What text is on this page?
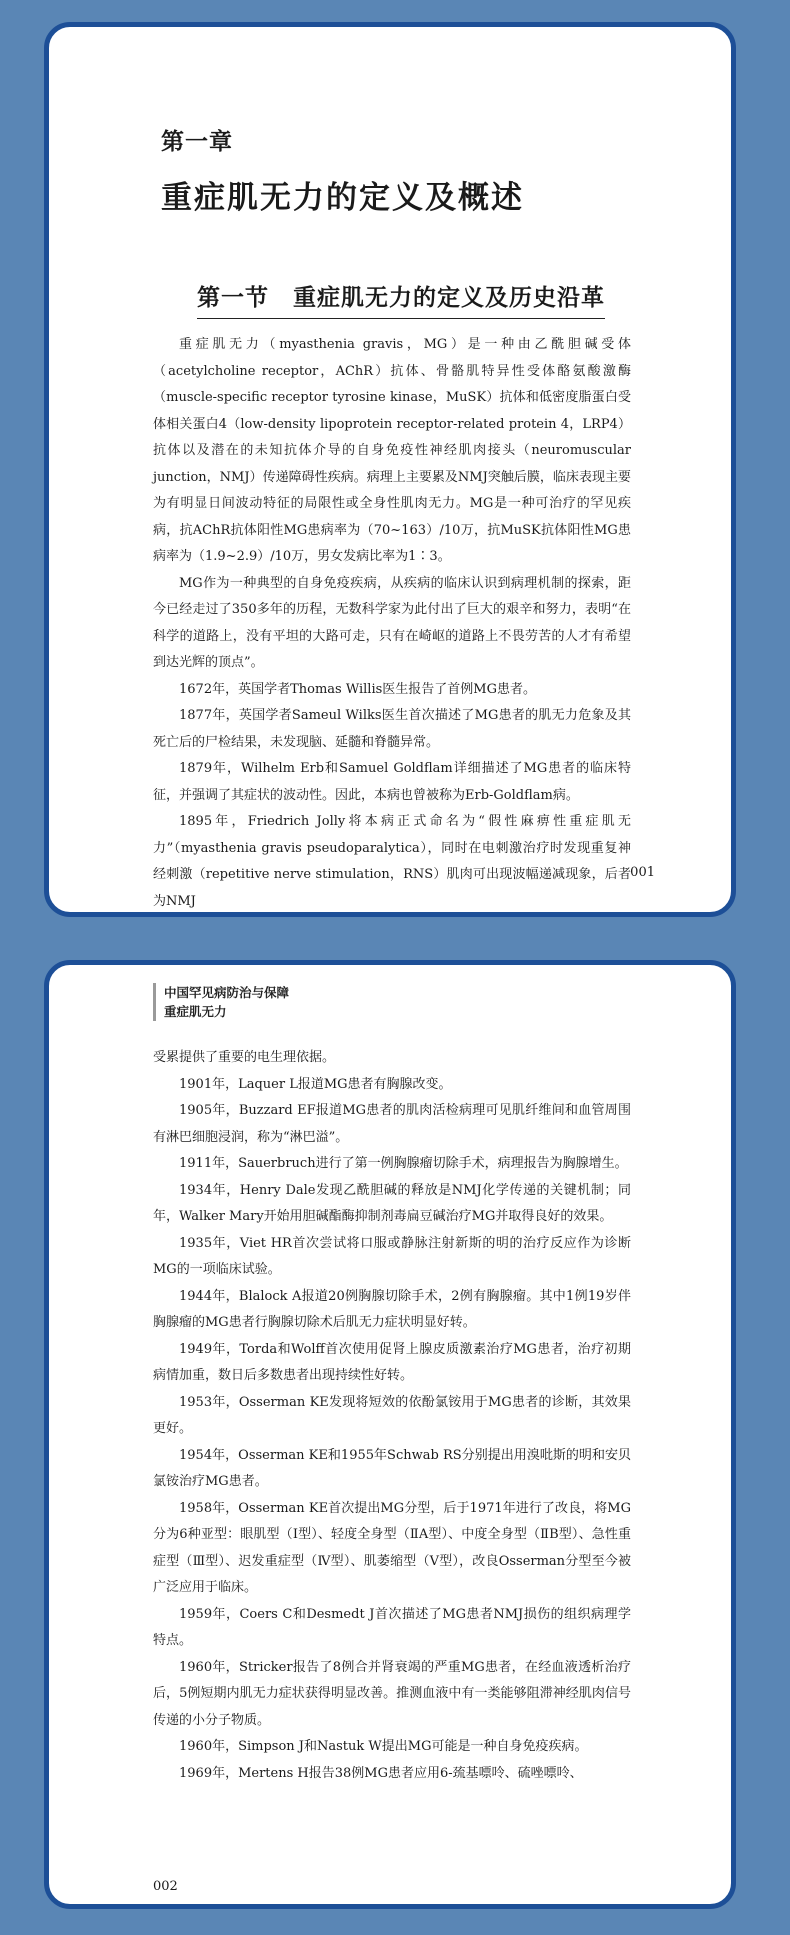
第一章
重症肌无力的定义及概述
第一节　重症肌无力的定义及历史沿革

重症肌无力（myasthenia gravis，MG）是一种由乙酰胆碱受体（acetylcholine receptor，AChR）抗体、骨骼肌特异性受体酪氨酸激酶（muscle-specific receptor tyrosine kinase，MuSK）抗体和低密度脂蛋白受体相关蛋白4（low-density lipoprotein receptor-related protein 4，LRP4）抗体以及潜在的未知抗体介导的自身免疫性神经肌肉接头（neuromuscular junction，NMJ）传递障碍性疾病。病理上主要累及NMJ突触后膜，临床表现主要为有明显日间波动特征的局限性或全身性肌肉无力。MG是一种可治疗的罕见疾病，抗AChR抗体阳性MG患病率为（70~163）/10万，抗MuSK抗体阳性MG患病率为（1.9~2.9）/10万，男女发病比率为1∶3。

MG作为一种典型的自身免疫疾病，从疾病的临床认识到病理机制的探索，距今已经走过了350多年的历程，无数科学家为此付出了巨大的艰辛和努力，表明“在科学的道路上，没有平坦的大路可走，只有在崎岖的道路上不畏劳苦的人才有希望到达光辉的顶点”。

1672年，英国学者Thomas Willis医生报告了首例MG患者。

1877年，英国学者Sameul Wilks医生首次描述了MG患者的肌无力危象及其死亡后的尸检结果，未发现脑、延髓和脊髓异常。

1879年，Wilhelm Erb和Samuel Goldflam详细描述了MG患者的临床特征，并强调了其症状的波动性。因此，本病也曾被称为Erb-Goldflam病。

1895年，Friedrich Jolly将本病正式命名为“假性麻痹性重症肌无力”（myasthenia gravis pseudoparalytica），同时在电刺激治疗时发现重复神经刺激（repetitive nerve stimulation，RNS）肌肉可出现波幅递减现象，后者为NMJ

001
中国罕见病防治与保障
重症肌无力

受累提供了重要的电生理依据。

1901年，Laquer L报道MG患者有胸腺改变。

1905年，Buzzard EF报道MG患者的肌肉活检病理可见肌纤维间和血管周围有淋巴细胞浸润，称为“淋巴溢”。

1911年，Sauerbruch进行了第一例胸腺瘤切除手术，病理报告为胸腺增生。

1934年，Henry Dale发现乙酰胆碱的释放是NMJ化学传递的关键机制；同年，Walker Mary开始用胆碱酯酶抑制剂毒扁豆碱治疗MG并取得良好的效果。

1935年，Viet HR首次尝试将口服或静脉注射新斯的明的治疗反应作为诊断MG的一项临床试验。

1944年，Blalock A报道20例胸腺切除手术，2例有胸腺瘤。其中1例19岁伴胸腺瘤的MG患者行胸腺切除术后肌无力症状明显好转。

1949年，Torda和Wolff首次使用促肾上腺皮质激素治疗MG患者，治疗初期病情加重，数日后多数患者出现持续性好转。

1953年，Osserman KE发现将短效的依酚氯铵用于MG患者的诊断，其效果更好。

1954年，Osserman KE和1955年Schwab RS分别提出用溴吡斯的明和安贝氯铵治疗MG患者。

1958年，Osserman KE首次提出MG分型，后于1971年进行了改良，将MG分为6种亚型：眼肌型（Ⅰ型）、轻度全身型（ⅡA型）、中度全身型（ⅡB型）、急性重症型（Ⅲ型）、迟发重症型（Ⅳ型）、肌萎缩型（Ⅴ型），改良Osserman分型至今被广泛应用于临床。

1959年，Coers C和Desmedt J首次描述了MG患者NMJ损伤的组织病理学特点。

1960年，Stricker报告了8例合并肾衰竭的严重MG患者，在经血液透析治疗后，5例短期内肌无力症状获得明显改善。推测血液中有一类能够阻滞神经肌肉信号传递的小分子物质。

1960年，Simpson J和Nastuk W提出MG可能是一种自身免疫疾病。

1969年，Mertens H报告38例MG患者应用6-巯基嘌呤、硫唑嘌呤、

002
